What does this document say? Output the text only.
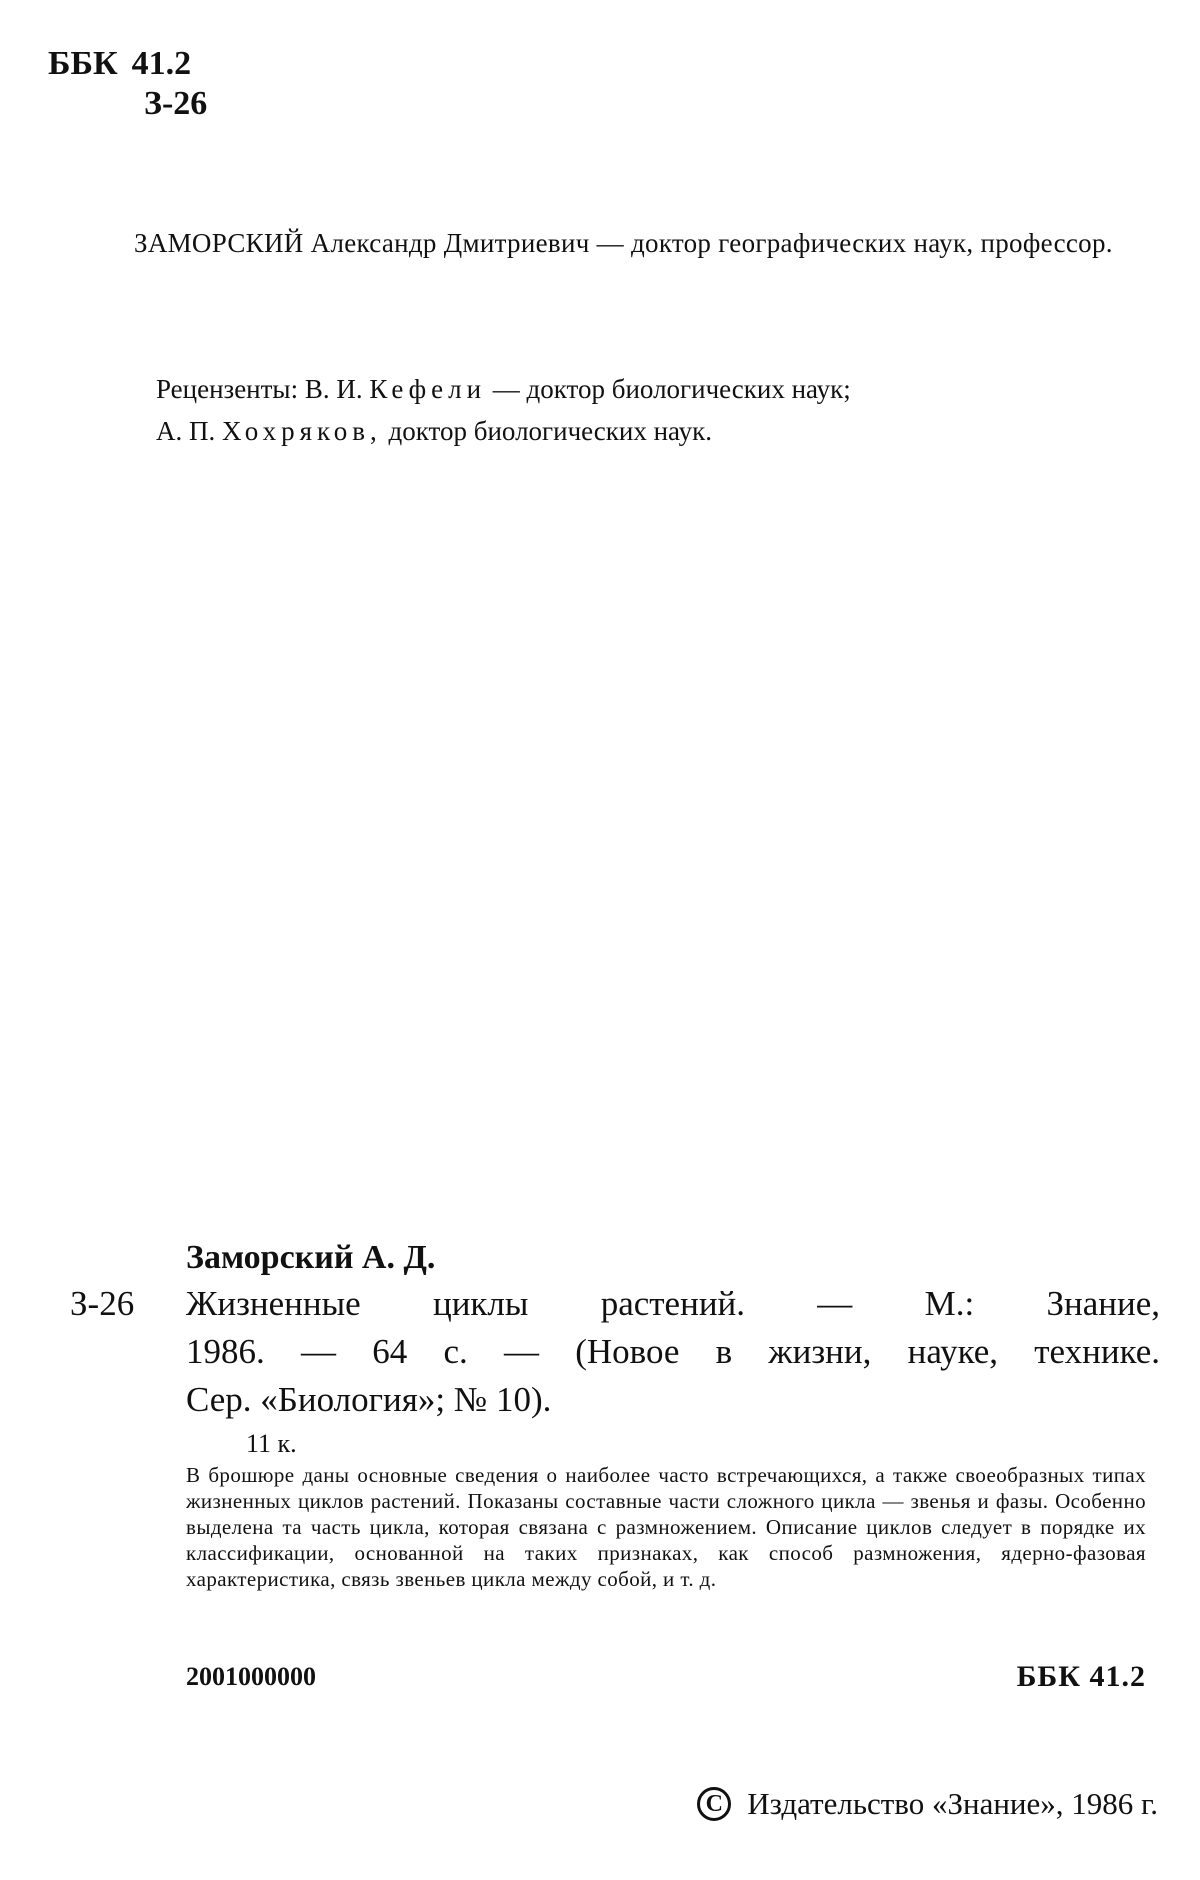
ББК 41.2
З-26
ЗАМОРСКИЙ Александр Дмитриевич — доктор географических наук, профессор.
Рецензенты: В. И. Кефели — доктор биологических наук;
А. П. Хохряков, доктор биологических наук.
Заморский А. Д.
З-26	Жизненные циклы растений. — М.: Знание,
1986. — 64 с. — (Новое в жизни, науке, технике.
Сер. «Биология»; № 10).
11 к.
В брошюре даны основные сведения о наиболее часто встречающихся, а также своеобразных типах жизненных циклов растений. Показаны составные части сложного цикла — звенья и фазы. Особенно выделена та часть цикла, которая связана с размножением. Описание циклов следует в порядке их классификации, основанной на таких признаках, как способ размножения, ядерно-фазовая характеристика, связь звеньев цикла между собой, и т. д.
2001000000	ББК 41.2
C Издательство «Знание», 1986 г.
